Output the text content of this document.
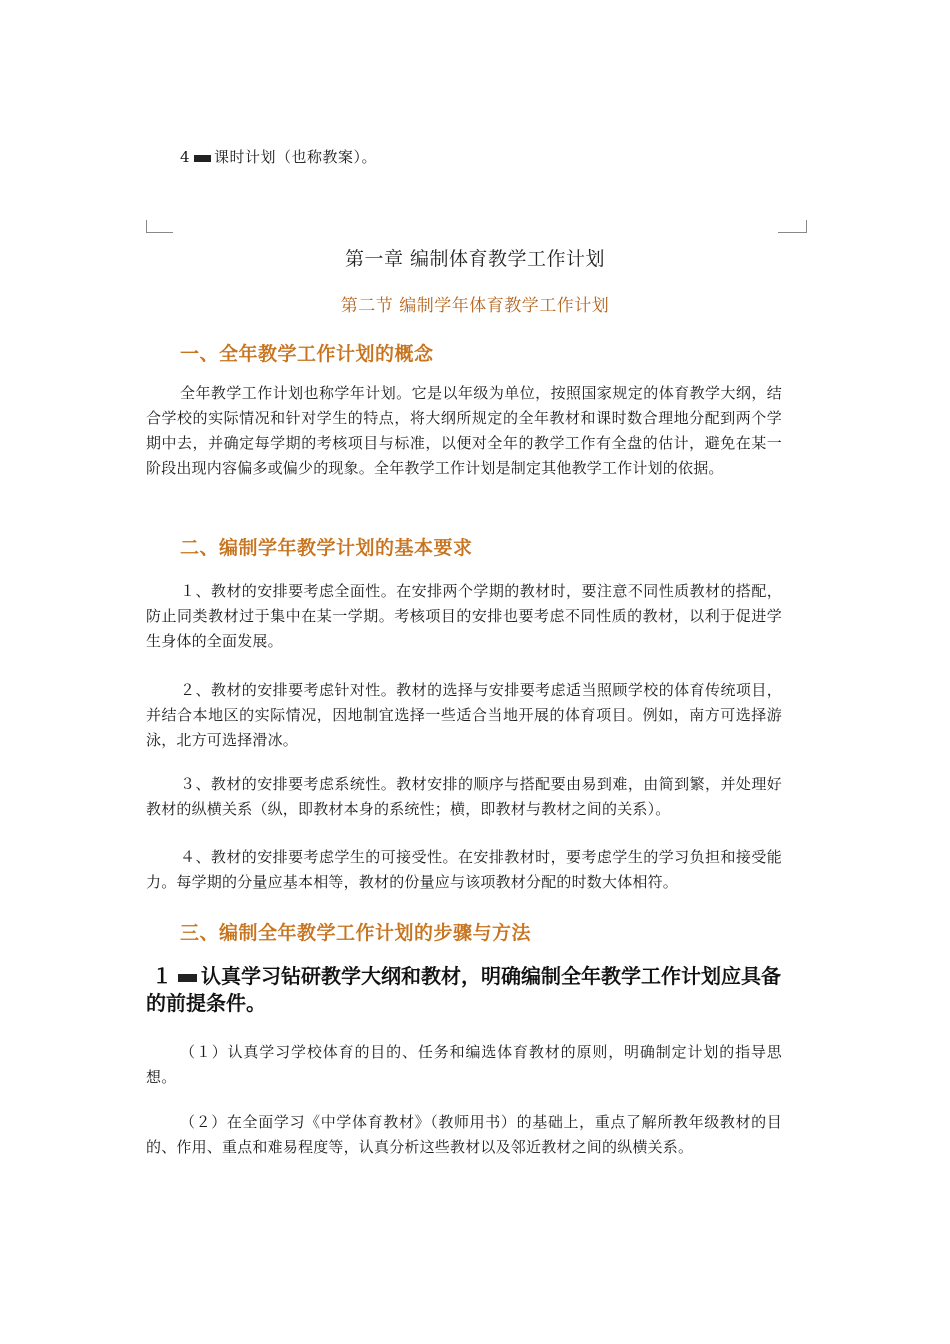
4 课时计划（也称教案）。
第一章 编制体育教学工作计划
第二节 编制学年体育教学工作计划
一、全年教学工作计划的概念
全年教学工作计划也称学年计划。它是以年级为单位，按照国家规定的体育教学大纲，结合学校的实际情况和针对学生的特点，将大纲所规定的全年教材和课时数合理地分配到两个学期中去，并确定每学期的考核项目与标准，以便对全年的教学工作有全盘的估计，避免在某一阶段出现内容偏多或偏少的现象。全年教学工作计划是制定其他教学工作计划的依据。
二、编制学年教学计划的基本要求
１、教材的安排要考虑全面性。在安排两个学期的教材时，要注意不同性质教材的搭配，防止同类教材过于集中在某一学期。考核项目的安排也要考虑不同性质的教材，以利于促进学生身体的全面发展。
２、教材的安排要考虑针对性。教材的选择与安排要考虑适当照顾学校的体育传统项目，并结合本地区的实际情况，因地制宜选择一些适合当地开展的体育项目。例如，南方可选择游泳，北方可选择滑冰。
３、教材的安排要考虑系统性。教材安排的顺序与搭配要由易到难，由简到繁，并处理好教材的纵横关系（纵，即教材本身的系统性；横，即教材与教材之间的关系）。
４、教材的安排要考虑学生的可接受性。在安排教材时，要考虑学生的学习负担和接受能力。每学期的分量应基本相等，教材的份量应与该项教材分配的时数大体相符。
三、编制全年教学工作计划的步骤与方法
１ 认真学习钻研教学大纲和教材，明确编制全年教学工作计划应具备的前提条件。
（１）认真学习学校体育的目的、任务和编选体育教材的原则，明确制定计划的指导思想。
（２）在全面学习《中学体育教材》（教师用书）的基础上，重点了解所教年级教材的目的、作用、重点和难易程度等，认真分析这些教材以及邻近教材之间的纵横关系。
